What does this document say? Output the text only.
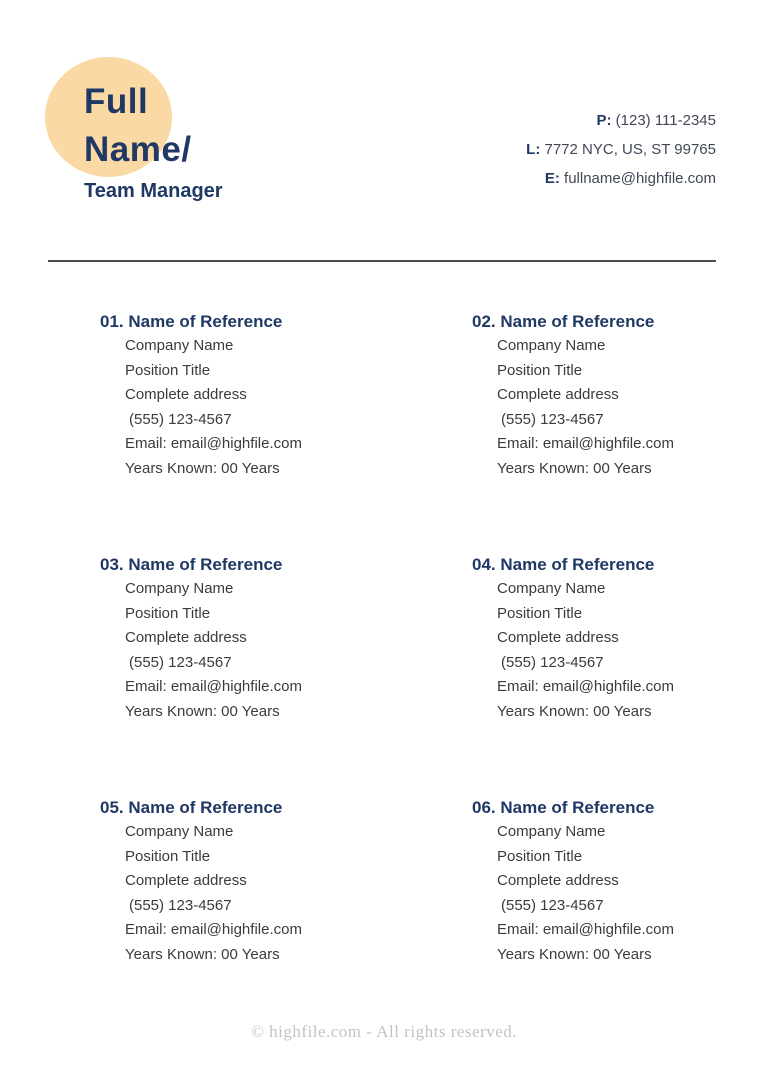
Full
Name/
Team Manager
P: (123) 111-2345
L: 7772 NYC, US, ST 99765
E: fullname@highfile.com
01. Name of Reference
Company Name
Position Title
Complete address
(555) 123-4567
Email: email@highfile.com
Years Known: 00 Years
02. Name of Reference
Company Name
Position Title
Complete address
(555) 123-4567
Email: email@highfile.com
Years Known: 00 Years
03. Name of Reference
Company Name
Position Title
Complete address
(555) 123-4567
Email: email@highfile.com
Years Known: 00 Years
04. Name of Reference
Company Name
Position Title
Complete address
(555) 123-4567
Email: email@highfile.com
Years Known: 00 Years
05. Name of Reference
Company Name
Position Title
Complete address
(555) 123-4567
Email: email@highfile.com
Years Known: 00 Years
06. Name of Reference
Company Name
Position Title
Complete address
(555) 123-4567
Email: email@highfile.com
Years Known: 00 Years
© highfile.com - All rights reserved.
